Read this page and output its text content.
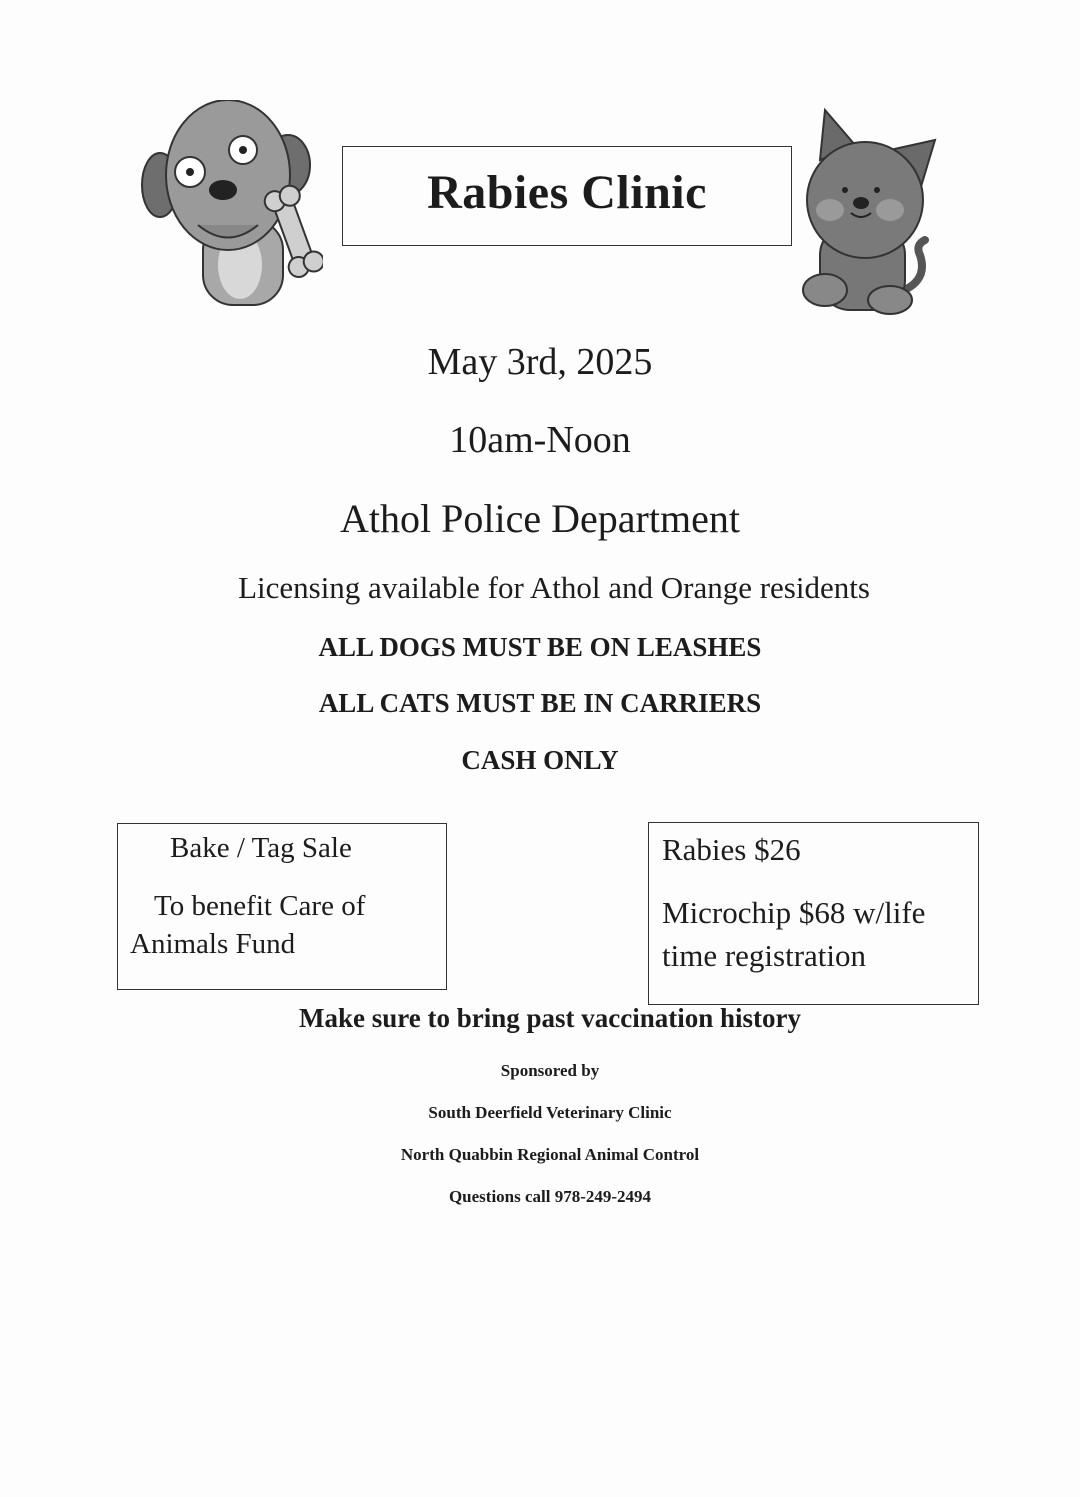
Rabies Clinic
May 3rd, 2025
10am-Noon
Athol Police Department
Licensing available for Athol and Orange residents
ALL DOGS MUST BE ON LEASHES
ALL CATS MUST BE IN CARRIERS
CASH ONLY

Bake / Tag Sale

To benefit Care of

Animals Fund

Rabies $26

Microchip $68 w/life

time registration

Make sure to bring past vaccination history
Sponsored by
South Deerfield Veterinary Clinic
North Quabbin Regional Animal Control
Questions call 978-249-2494
